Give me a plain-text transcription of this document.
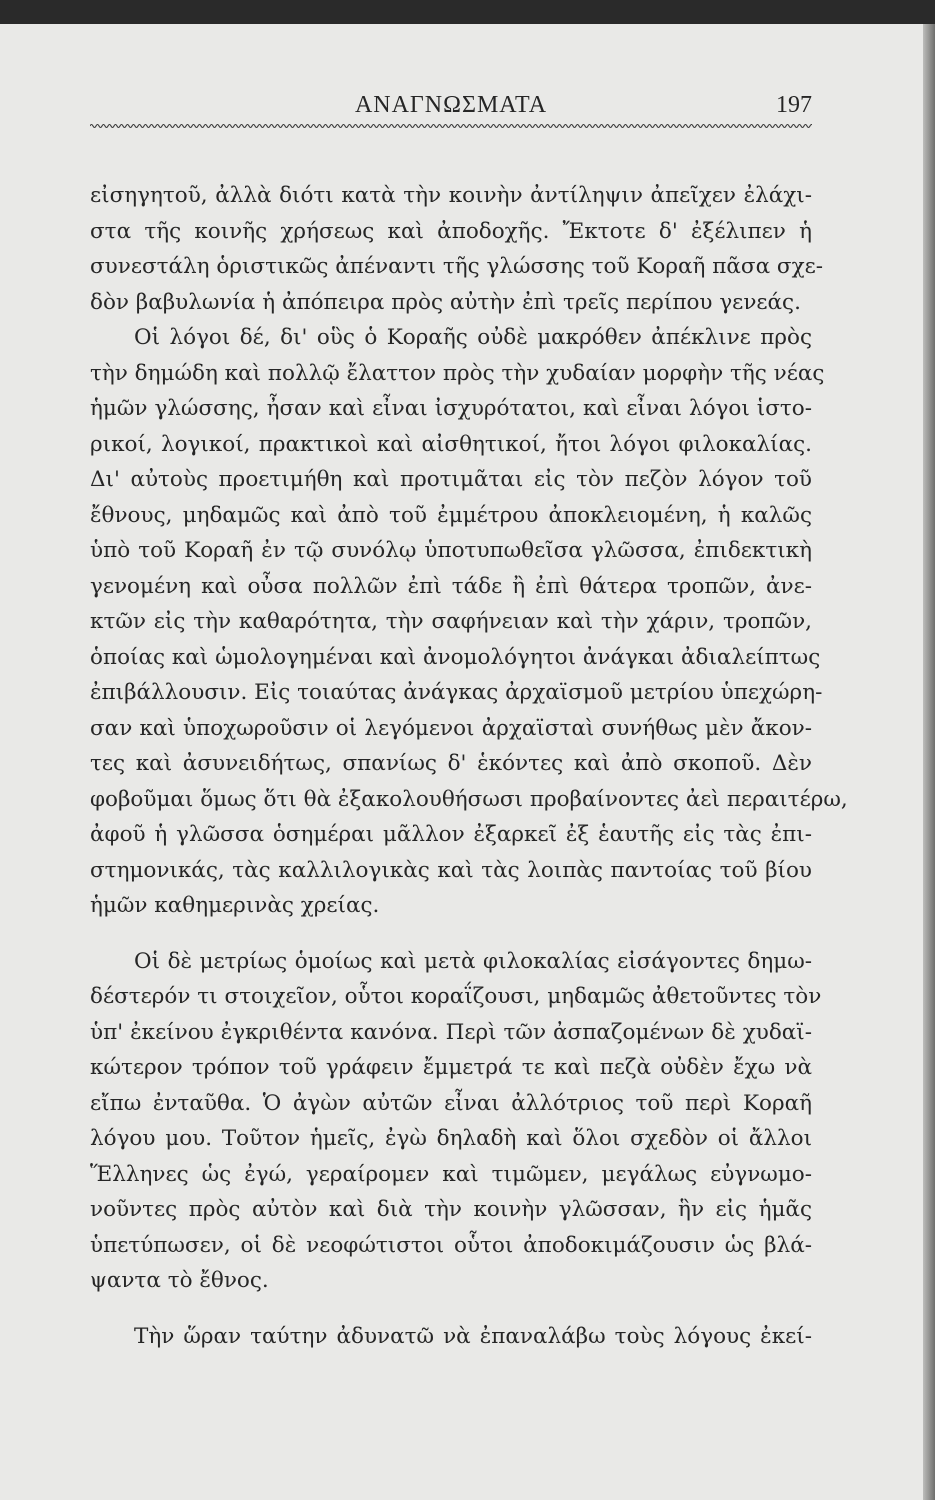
ΑΝΑΓΝΩΣΜΑΤΑ	197
εἰσηγητοῦ, ἀλλὰ διότι κατὰ τὴν κοινὴν ἀντίληψιν ἀπεῖχεν ἐλάχι-
στα τῆς κοινῆς χρήσεως καὶ ἀποδοχῆς. Ἔκτοτε δ' ἐξέλιπεν ἡ
συνεστάλη ὁριστικῶς ἀπέναντι τῆς γλώσσης τοῦ Κοραῆ πᾶσα σχε-
δὸν βαβυλωνία ἡ ἀπόπειρα πρὸς αὐτὴν ἐπὶ τρεῖς περίπου γενεάς.
Οἱ λόγοι δέ, δι' οὓς ὁ Κοραῆς οὐδὲ μακρόθεν ἀπέκλινε πρὸς
τὴν δημώδη καὶ πολλῷ ἔλαττον πρὸς τὴν χυδαίαν μορφὴν τῆς νέας
ἡμῶν γλώσσης, ἦσαν καὶ εἶναι ἰσχυρότατοι, καὶ εἶναι λόγοι ἱστο-
ρικοί, λογικοί, πρακτικοὶ καὶ αἰσθητικοί, ἤτοι λόγοι φιλοκαλίας.
Δι' αὐτοὺς προετιμήθη καὶ προτιμᾶται εἰς τὸν πεζὸν λόγον τοῦ
ἔθνους, μηδαμῶς καὶ ἀπὸ τοῦ ἐμμέτρου ἀποκλειομένη, ἡ καλῶς
ὑπὸ τοῦ Κοραῆ ἐν τῷ συνόλῳ ὑποτυπωθεῖσα γλῶσσα, ἐπιδεκτικὴ
γενομένη καὶ οὖσα πολλῶν ἐπὶ τάδε ἢ ἐπὶ θάτερα τροπῶν, ἀνε-
κτῶν εἰς τὴν καθαρότητα, τὴν σαφήνειαν καὶ τὴν χάριν, τροπῶν,
ὁποίας καὶ ὡμολογημέναι καὶ ἀνομολόγητοι ἀνάγκαι ἀδιαλείπτως
ἐπιβάλλουσιν. Εἰς τοιαύτας ἀνάγκας ἀρχαϊσμοῦ μετρίου ὑπεχώρη-
σαν καὶ ὑποχωροῦσιν οἱ λεγόμενοι ἀρχαϊσταὶ συνήθως μὲν ἄκον-
τες καὶ ἀσυνειδήτως, σπανίως δ' ἑκόντες καὶ ἀπὸ σκοποῦ. Δὲν
φοβοῦμαι ὅμως ὅτι θὰ ἐξακολουθήσωσι προβαίνοντες ἀεὶ περαιτέρω,
ἀφοῦ ἡ γλῶσσα ὁσημέραι μᾶλλον ἐξαρκεῖ ἐξ ἑαυτῆς εἰς τὰς ἐπι-
στημονικάς, τὰς καλλιλογικὰς καὶ τὰς λοιπὰς παντοίας τοῦ βίου
ἡμῶν καθημερινὰς χρείας.
Οἱ δὲ μετρίως ὁμοίως καὶ μετὰ φιλοκαλίας εἰσάγοντες δημω-
δέστερόν τι στοιχεῖον, οὗτοι κοραΐζουσι, μηδαμῶς ἀθετοῦντες τὸν
ὑπ' ἐκείνου ἐγκριθέντα κανόνα. Περὶ τῶν ἀσπαζομένων δὲ χυδαϊ-
κώτερον τρόπον τοῦ γράφειν ἔμμετρά τε καὶ πεζὰ οὐδὲν ἔχω νὰ
εἴπω ἐνταῦθα. Ὁ ἀγὼν αὐτῶν εἶναι ἀλλότριος τοῦ περὶ Κοραῆ
λόγου μου. Τοῦτον ἡμεῖς, ἐγὼ δηλαδὴ καὶ ὅλοι σχεδὸν οἱ ἄλλοι
Ἕλληνες ὡς ἐγώ, γεραίρομεν καὶ τιμῶμεν, μεγάλως εὐγνωμο-
νοῦντες πρὸς αὐτὸν καὶ διὰ τὴν κοινὴν γλῶσσαν, ἣν εἰς ἡμᾶς
ὑπετύπωσεν, οἱ δὲ νεοφώτιστοι οὗτοι ἀποδοκιμάζουσιν ὡς βλά-
ψαντα τὸ ἔθνος.
Τὴν ὥραν ταύτην ἀδυνατῶ νὰ ἐπαναλάβω τοὺς λόγους ἐκεί-
